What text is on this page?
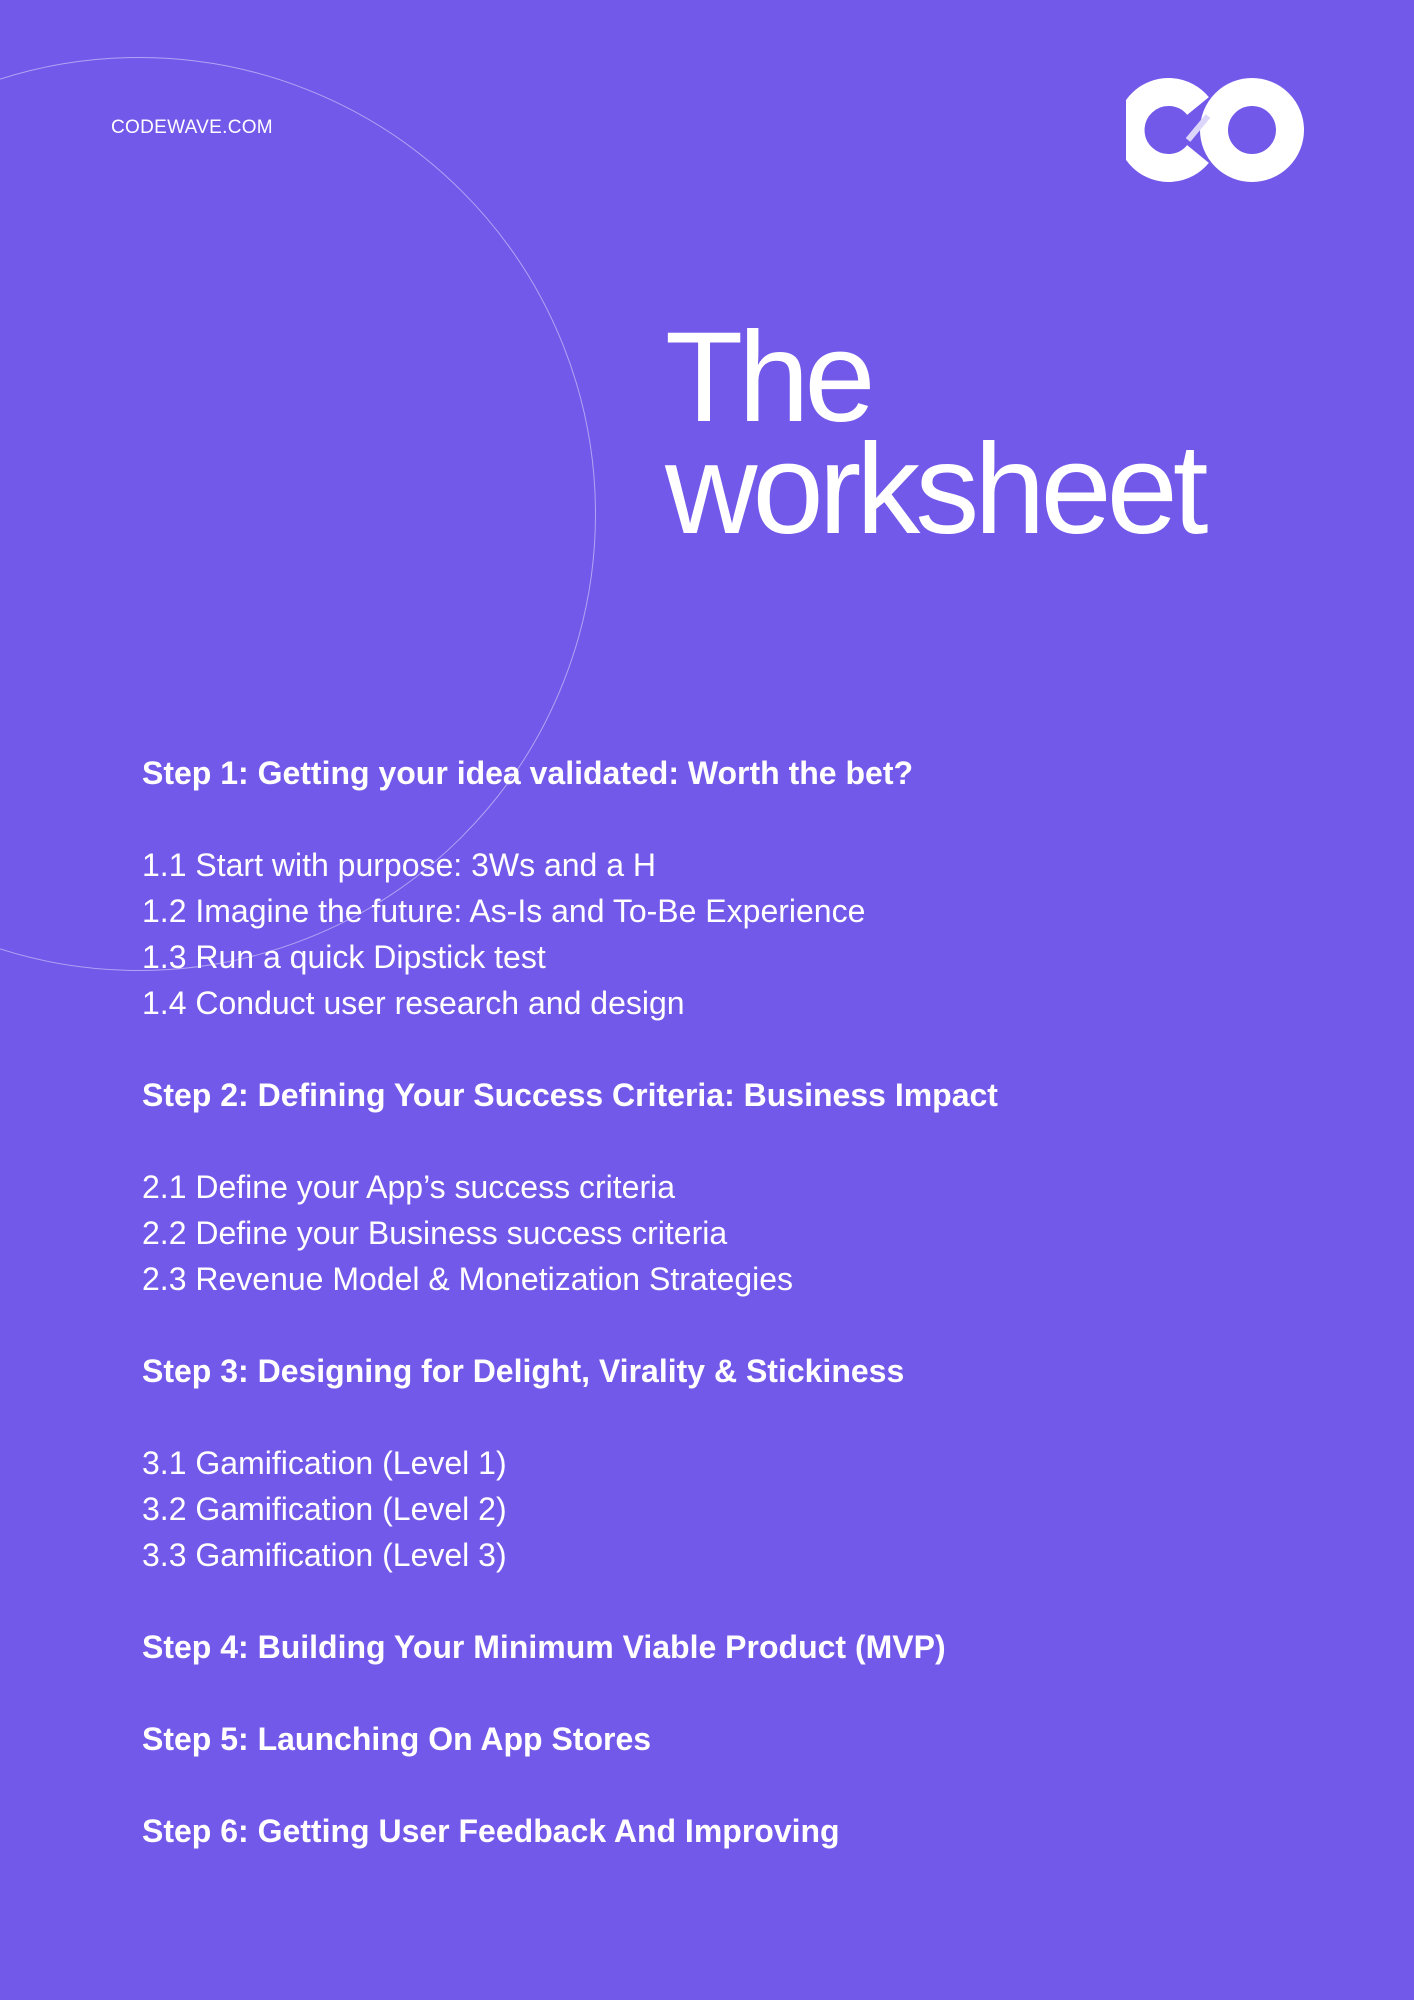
CODEWAVE.COM
The
worksheet
Step 1: Getting your idea validated: Worth the bet?
1.1 Start with purpose: 3Ws and a H
1.2 Imagine the future: As-Is and To-Be Experience
1.3 Run a quick Dipstick test
1.4 Conduct user research and design
Step 2: Defining Your Success Criteria: Business Impact
2.1 Define your App’s success criteria
2.2 Define your Business success criteria
2.3 Revenue Model & Monetization Strategies
Step 3: Designing for Delight, Virality & Stickiness
3.1 Gamification (Level 1)
3.2 Gamification (Level 2)
3.3 Gamification (Level 3)
Step 4: Building Your Minimum Viable Product (MVP)
Step 5: Launching On App Stores
Step 6: Getting User Feedback And Improving
